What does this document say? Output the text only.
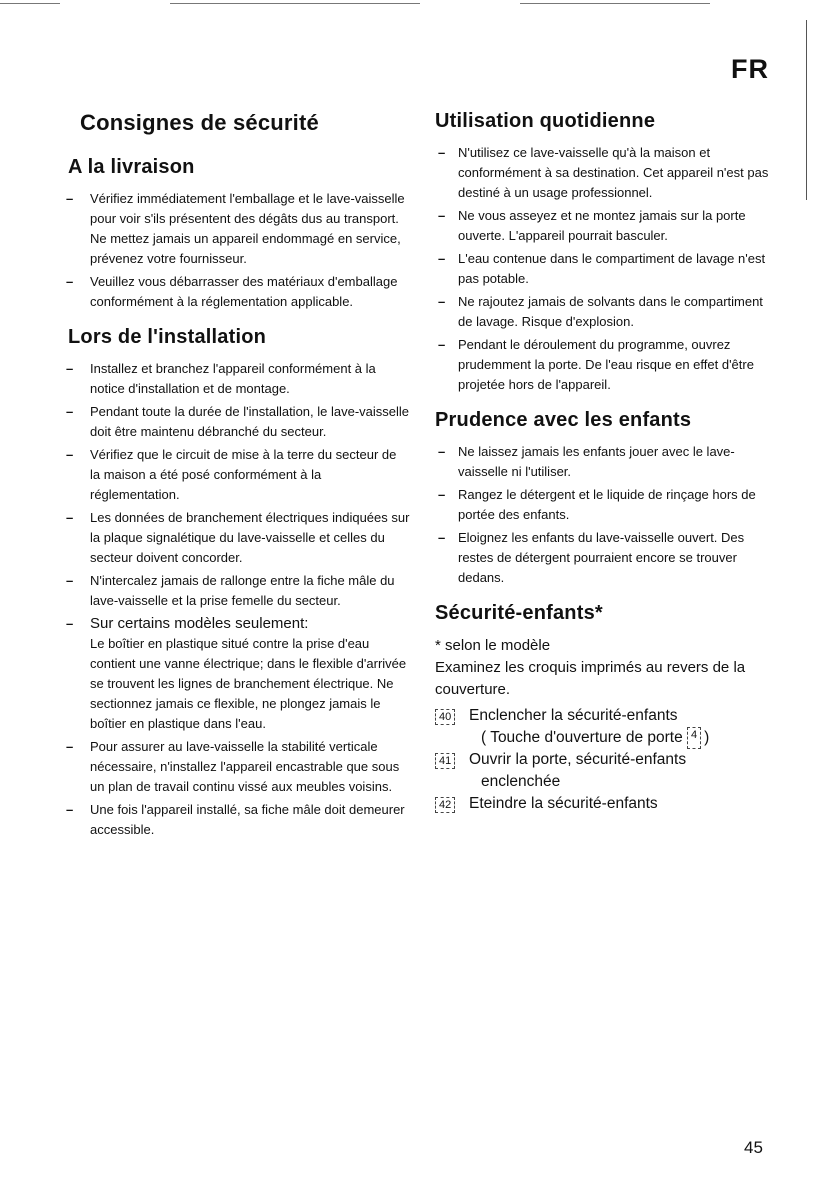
FR
Consignes de sécurité
A la livraison
– Vérifiez immédiatement l'emballage et le lave-vaisselle pour voir s'ils présentent des dégâts dus au transport. Ne mettez jamais un appareil endommagé en service, prévenez votre fournisseur.
– Veuillez vous débarrasser des matériaux d'emballage conformément à la réglementation applicable.
Lors de l'installation
– Installez et branchez l'appareil conformément à la notice d'installation et de montage.
– Pendant toute la durée de l'installation, le lave-vaisselle doit être maintenu débranché du secteur.
– Vérifiez que le circuit de mise à la terre du secteur de la maison a été posé conformément à la réglementation.
– Les données de branchement électriques indiquées sur la plaque signalétique du lave-vaisselle et celles du secteur doivent concorder.
– N'intercalez jamais de rallonge entre la fiche mâle du lave-vaisselle et la prise femelle du secteur.
– Sur certains modèles seulement:
Le boîtier en plastique situé contre la prise d'eau contient une vanne électrique; dans le flexible d'arrivée se trouvent les lignes de branchement électrique. Ne sectionnez jamais ce flexible, ne plongez jamais le boîtier en plastique dans l'eau.
– Pour assurer au lave-vaisselle la stabilité verticale nécessaire, n'installez l'appareil encastrable que sous un plan de travail continu vissé aux meubles voisins.
– Une fois l'appareil installé, sa fiche mâle doit demeurer accessible.
Utilisation quotidienne
– N'utilisez ce lave-vaisselle qu'à la maison et conformément à sa destination. Cet appareil n'est pas destiné à un usage professionnel.
– Ne vous asseyez et ne montez jamais sur la porte ouverte. L'appareil pourrait basculer.
– L'eau contenue dans le compartiment de lavage n'est pas potable.
– Ne rajoutez jamais de solvants dans le compartiment de lavage. Risque d'explosion.
– Pendant le déroulement du programme, ouvrez prudemment la porte. De l'eau risque en effet d'être projetée hors de l'appareil.
Prudence avec les enfants
– Ne laissez jamais les enfants jouer avec le lave-vaisselle ni l'utiliser.
– Rangez le détergent et le liquide de rinçage hors de portée des enfants.
– Eloignez les enfants du lave-vaisselle ouvert. Des restes de détergent pourraient encore se trouver dedans.
Sécurité-enfants*

* selon le modèle

Examinez les croquis imprimés au revers de la couverture.

40	Enclencher la sécurité-enfants
( Touche d'ouverture de porte
4 )
41	Ouvrir la porte, sécurité-enfants
enclenchée
42	Eteindre la sécurité-enfants
45
